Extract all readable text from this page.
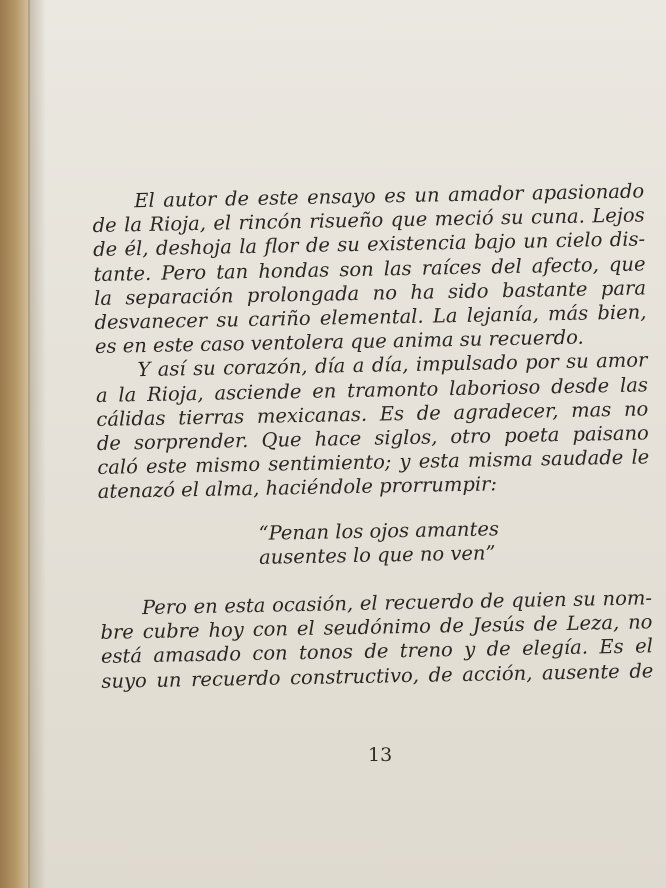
El autor de este ensayo es un amador apasionado
de la Rioja, el rincón risueño que meció su cuna. Lejos
de él, deshoja la flor de su existencia bajo un cielo dis-
tante. Pero tan hondas son las raíces del afecto, que
la separación prolongada no ha sido bastante para
desvanecer su cariño elemental. La lejanía, más bien,
es en este caso ventolera que anima su recuerdo.
Y así su corazón, día a día, impulsado por su amor
a la Rioja, asciende en tramonto laborioso desde las
cálidas tierras mexicanas. Es de agradecer, mas no
de sorprender. Que hace siglos, otro poeta paisano
caló este mismo sentimiento; y esta misma saudade le
atenazó el alma, haciéndole prorrumpir:
“Penan los ojos amantes
ausentes lo que no ven”
Pero en esta ocasión, el recuerdo de quien su nom-
bre cubre hoy con el seudónimo de Jesús de Leza, no
está amasado con tonos de treno y de elegía. Es el
suyo un recuerdo constructivo, de acción, ausente de
13
